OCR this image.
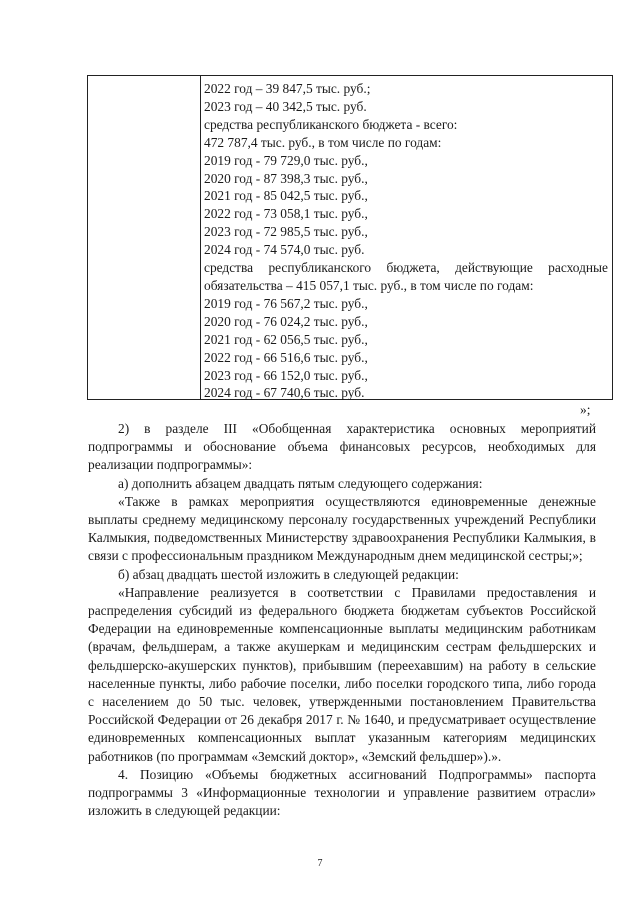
2022 год – 39 847,5 тыс. руб.;
2023 год – 40 342,5 тыс. руб.
средства республиканского бюджета - всего:
472 787,4 тыс. руб., в том числе по годам:
2019 год - 79 729,0 тыс. руб.,
2020 год - 87 398,3 тыс. руб.,
2021 год - 85 042,5 тыс. руб.,
2022 год - 73 058,1 тыс. руб.,
2023 год - 72 985,5 тыс. руб.,
2024 год - 74 574,0 тыс. руб.
средства республиканского бюджета, действующие расходные
обязательства – 415 057,1 тыс. руб., в том числе по годам:
2019 год - 76 567,2 тыс. руб.,
2020 год - 76 024,2 тыс. руб.,
2021 год - 62 056,5 тыс. руб.,
2022 год - 66 516,6 тыс. руб.,
2023 год - 66 152,0 тыс. руб.,
2024 год - 67 740,6 тыс. руб.
»;

2) в разделе III «Обобщенная характеристика основных мероприятий подпрограммы и обоснование объема финансовых ресурсов, необходимых для реализации подпрограммы»:

а) дополнить абзацем двадцать пятым следующего содержания:

«Также в рамках мероприятия осуществляются единовременные денежные выплаты среднему медицинскому персоналу государственных учреждений Республики Калмыкия, подведомственных Министерству здравоохранения Республики Калмыкия, в связи с профессиональным праздником Международным днем медицинской сестры;»;

б) абзац двадцать шестой изложить в следующей редакции:

«Направление реализуется в соответствии с Правилами предоставления и распределения субсидий из федерального бюджета бюджетам субъектов Российской Федерации на единовременные компенсационные выплаты медицинским работникам (врачам, фельдшерам, а также акушеркам и медицинским сестрам фельдшерских и фельдшерско-акушерских пунктов), прибывшим (переехавшим) на работу в сельские населенные пункты, либо рабочие поселки, либо поселки городского типа, либо города с населением до 50 тыс. человек, утвержденными постановлением Правительства Российской Федерации от 26 декабря 2017 г. № 1640, и предусматривает осуществление единовременных компенсационных выплат указанным категориям медицинских работников (по программам «Земский доктор», «Земский фельдшер»).».

4. Позицию «Объемы бюджетных ассигнований Подпрограммы» паспорта подпрограммы 3 «Информационные технологии и управление развитием отрасли» изложить в следующей редакции:

7
